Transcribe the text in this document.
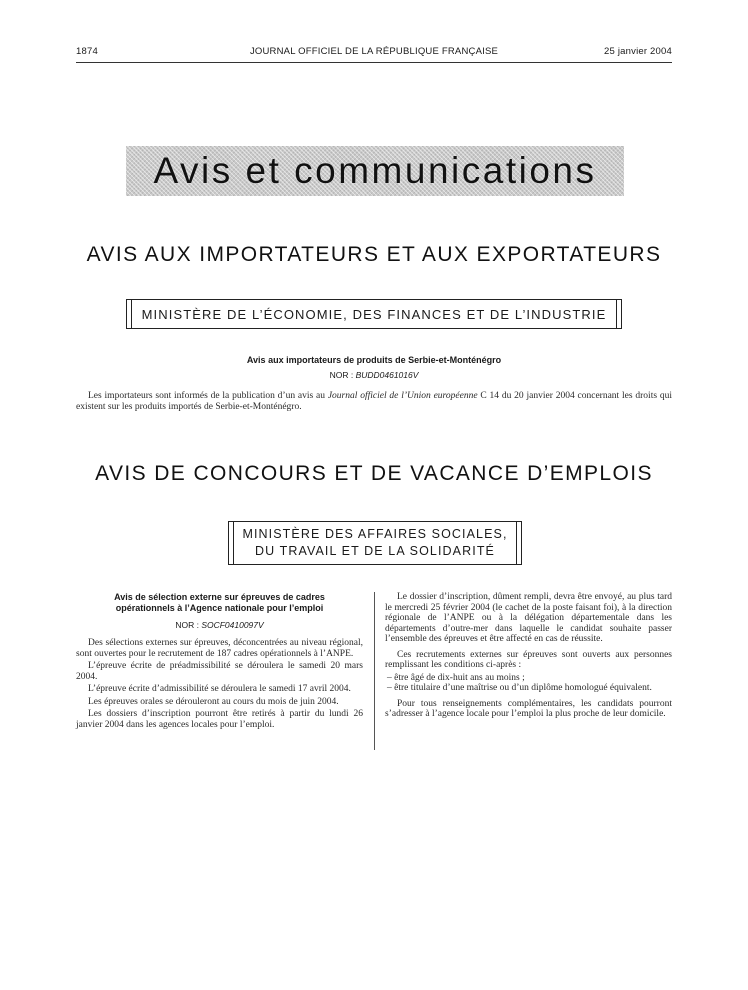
1874	JOURNAL OFFICIEL DE LA RÉPUBLIQUE FRANÇAISE	25 janvier 2004
Avis et communications
AVIS AUX IMPORTATEURS ET AUX EXPORTATEURS
MINISTÈRE DE L’ÉCONOMIE, DES FINANCES ET DE L’INDUSTRIE
Avis aux importateurs de produits de Serbie-et-Monténégro
NOR : BUDD0461016V
Les importateurs sont informés de la publication d’un avis au Journal officiel de l’Union européenne C 14 du 20 janvier 2004 concernant les droits qui existent sur les produits importés de Serbie-et-Monténégro.
AVIS DE CONCOURS ET DE VACANCE D’EMPLOIS
MINISTÈRE DES AFFAIRES SOCIALES,
DU TRAVAIL ET DE LA SOLIDARITÉ
Avis de sélection externe sur épreuves de cadres opérationnels à l’Agence nationale pour l’emploi
NOR : SOCF0410097V

Des sélections externes sur épreuves, déconcentrées au niveau régional, sont ouvertes pour le recrutement de 187 cadres opérationnels à l’ANPE.

L’épreuve écrite de préadmissibilité se déroulera le samedi 20 mars 2004.

L’épreuve écrite d’admissibilité se déroulera le samedi 17 avril 2004.

Les épreuves orales se dérouleront au cours du mois de juin 2004.

Les dossiers d’inscription pourront être retirés à partir du lundi 26 janvier 2004 dans les agences locales pour l’emploi.

Le dossier d’inscription, dûment rempli, devra être envoyé, au plus tard le mercredi 25 février 2004 (le cachet de la poste faisant foi), à la direction régionale de l’ANPE ou à la délégation départementale dans les départements d’outre-mer dans laquelle le candidat souhaite passer l’ensemble des épreuves et être affecté en cas de réussite.

Ces recrutements externes sur épreuves sont ouverts aux personnes remplissant les conditions ci-après :

– être âgé de dix-huit ans au moins ;
– être titulaire d’une maîtrise ou d’un diplôme homologué équivalent.

Pour tous renseignements complémentaires, les candidats pourront s’adresser à l’agence locale pour l’emploi la plus proche de leur domicile.
